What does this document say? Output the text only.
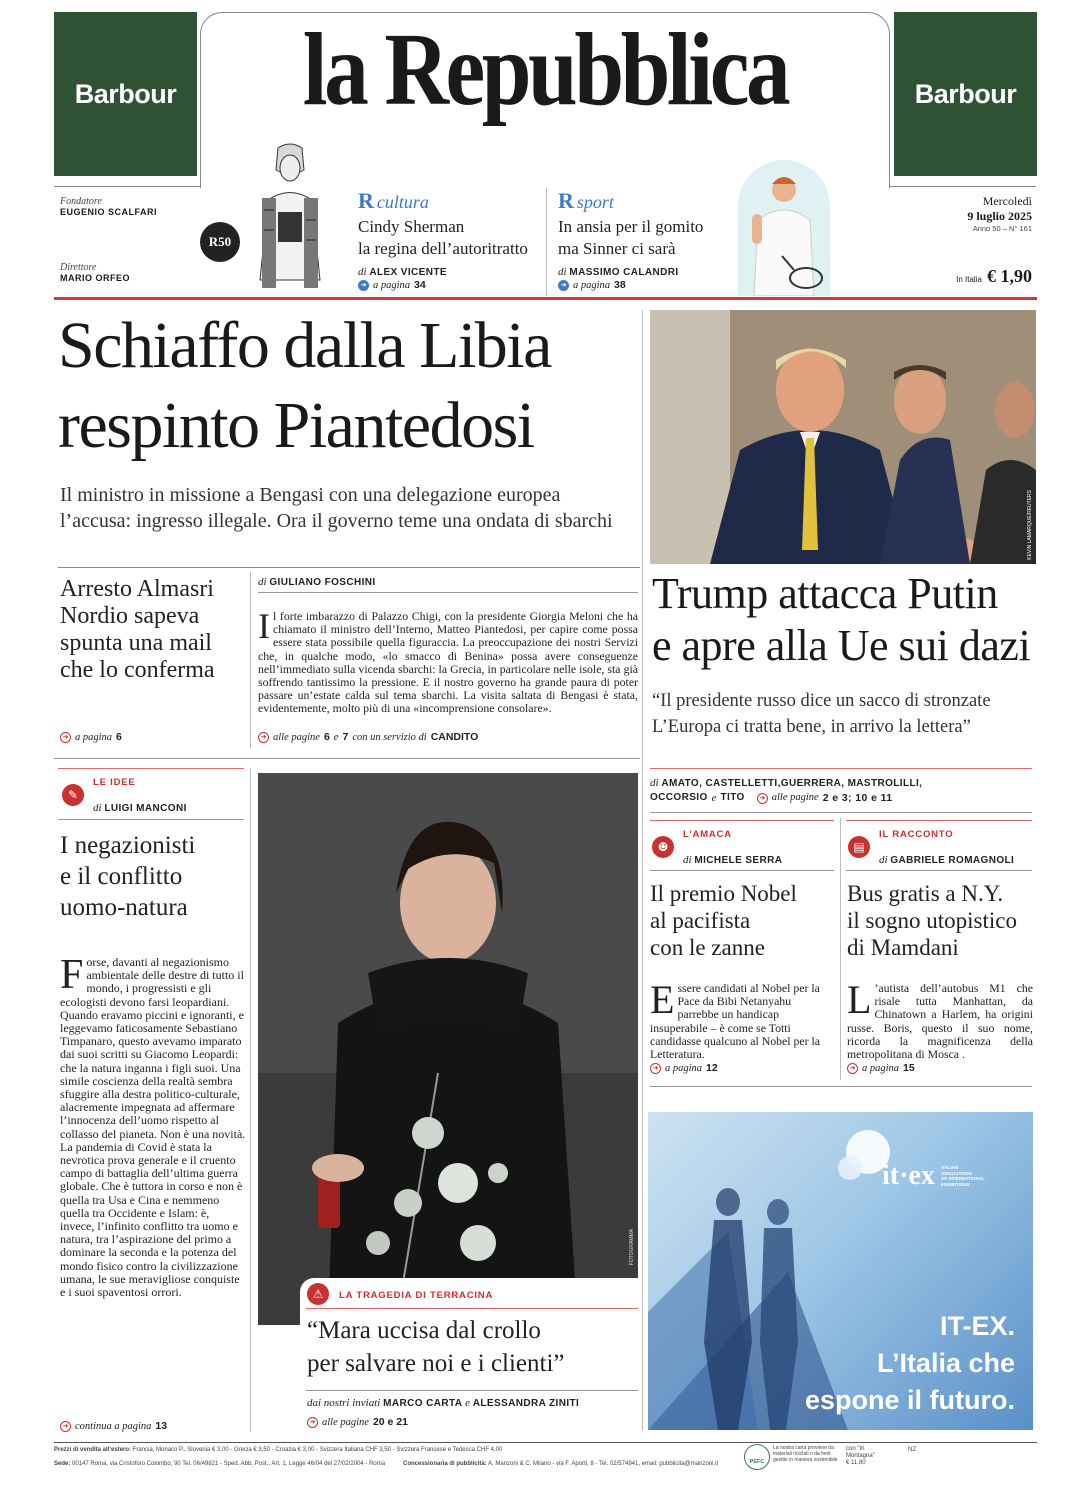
Barbour	Barbour
la Repubblica
Fondatore
EUGENIO SCALFARI
Direttore
MARIO ORFEO
R50
R cultura
Cindy Sherman
la regina dell’autoritratto
di ALEX VICENTE
➜ a pagina 34
R sport
In ansia per il gomito
ma Sinner ci sarà
di MASSIMO CALANDRI
➜ a pagina 38
Mercoledì
9 luglio 2025
Anno 50 – N° 161
In Italia € 1,90
Schiaffo dalla Libia
respinto Piantedosi
Il ministro in missione a Bengasi con una delegazione europea
l’accusa: ingresso illegale. Ora il governo teme una ondata di sbarchi
Arresto Almasri
Nordio sapeva
spunta una mail
che lo conferma
➜ a pagina 6
di GIULIANO FOSCHINI
I l forte imbarazzo di Palazzo Chigi, con la presidente Giorgia Meloni che ha chiamato il ministro dell’Interno, Matteo Piantedosi, per capire come possa essere stata possibile quella figuraccia. La preoccupazione dei nostri Servizi che, in qualche modo, «lo smacco di Benina» possa avere conseguenze nell’immediato sulla vicenda sbarchi: la Grecia, in particolare nelle isole, sta già soffrendo tantissimo la pressione. E il nostro governo ha grande paura di poter passare un’estate calda sul tema sbarchi. La visita saltata di Bengasi è stata, evidentemente, molto più di una «incomprensione consolare».
➜ alle pagine 6 e 7 con un servizio di CANDITO
KEVIN LAMARQUE/REUTERS
Trump attacca Putin
e apre alla Ue sui dazi
“Il presidente russo dice un sacco di stronzate
L’Europa ci tratta bene, in arrivo la lettera”
di AMATO, CASTELLETTI,GUERRERA, MASTROLILLI,
OCCORSIO e TITO	➜ alle pagine 2 e 3; 10 e 11
✎
LE IDEE
di LUIGI MANCONI
I negazionisti
e il conflitto
uomo-natura
F orse, davanti al negazionismo ambientale delle destre di tutto il mondo, i progressisti e gli ecologisti devono farsi leopardiani. Quando eravamo piccini e ignoranti, e leggevamo faticosamente Sebastiano Timpanaro, questo avevamo imparato dai suoi scritti su Giacomo Leopardi: che la natura inganna i figli suoi. Una simile coscienza della realtà sembra sfuggire alla destra politico-culturale, alacremente impegnata ad affermare l’innocenza dell’uomo rispetto al collasso del pianeta. Non è una novità. La pandemia di Covid è stata la nevrotica prova generale e il cruento campo di battaglia dell’ultima guerra globale. Che è tuttora in corso e non è quella tra Usa e Cina e nemmeno quella tra Occidente e Islam: è, invece, l’infinito conflitto tra uomo e natura, tra l’aspirazione del primo a dominare la seconda e la potenza del mondo fisico contro la civilizzazione umana, le sue meravigliose conquiste e i suoi spaventosi orrori.
➜ continua a pagina 13
FOTOGRAMMA
⚠	LA TRAGEDIA DI TERRACINA
“Mara uccisa dal crollo
per salvare noi e i clienti”
dai nostri inviati MARCO CARTA e ALESSANDRA ZINITI
➜ alle pagine 20 e 21
☻
L’AMACA
di MICHELE SERRA
Il premio Nobel
al pacifista
con le zanne
E ssere candidati al Nobel per la Pace da Bibi Netanyahu parrebbe un handicap insuperabile – è come se Totti candidasse qualcuno al Nobel per la Letteratura.
➜ a pagina 12
▤
IL RACCONTO
di GABRIELE ROMAGNOLI
Bus gratis a N.Y.
il sogno utopistico
di Mamdani
L ’autista dell’autobus M1 che risale tutta Manhattan, da Chinatown a Harlem, ha origini russe. Boris, questo il suo nome, ricorda la magnificenza della metropolitana di Mosca .
➜ a pagina 15
it·ex ITALIAN
ASSOCIATION
OF INTERNATIONAL
EXHIBITIONS
IT-EX.
L’Italia che
espone il futuro.
Prezzi di vendita all’estero: Francia, Monaco P., Slovenia € 3,00 - Grecia € 3,50 - Croazia € 3,00 - Svizzera Italiana CHF 3,50 - Svizzera Francese e Tedesca CHF 4,00
Sede: 00147 Roma, via Cristoforo Colombo, 90 Tel. 06/49821 - Sped. Abb. Post., Art. 1, Legge 46/04 del 27/02/2004 - Roma	Concessionaria di pubblicità: A. Manzoni & C. Milano - via F. Aporti, 8 - Tel. 02/574941, email: pubblicita@manzoni.it	PEFC
La nostra carta proviene da materiali riciclati o da fonti gestite in maniera sostenibile
con "In
Montagna"
€ 11,80
NZ
